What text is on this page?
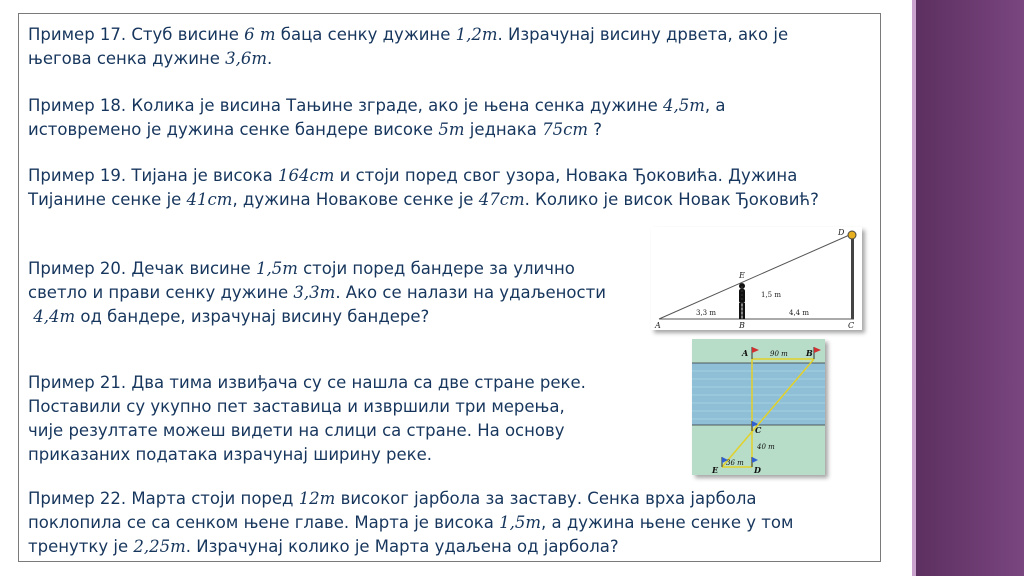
Пример 17. Стуб висине 6 m баца сенку дужине 1,2m. Израчунај висину дрвета, ако је
његова сенка дужине 3,6m.
Пример 18. Колика је висина Тањине зграде, ако је њена сенка дужине 4,5m, а
истовремено је дужина сенке бандере високе 5m једнака 75cm ?
Пример 19. Тијана је висока 164cm и стоји поред свог узора, Новака Ђоковића. Дужина
Тијанине сенке је 41cm, дужина Новакове сенке је 47cm. Колико је висок Новак Ђоковић?
Пример 20. Дечак висине 1,5m стоји поред бандере за улично
светло и прави сенку дужине 3,3m. Ако се налази на удаљености
4,4m од бандере, израчунај висину бандере?
Пример 21. Два тима извиђача су се нашла са две стране реке.
Поставили су укупно пет заставица и извршили три мерења,
чије резултате можеш видети на слици са стране. На основу
приказаних података израчунај ширину реке.
Пример 22. Марта стоји поред 12m високог јарбола за заставу. Сенка врха јарбола
поклопила се са сенком њене главе. Марта је висока 1,5m, а дужина њене сенке у том
тренутку је 2,25m. Израчунај колико је Марта удаљена од јарбола?
A	B	C
D
E
3,3 m	4,4 m
1,5 m
A	B
C
D
E
90 m
40 m
36 m
